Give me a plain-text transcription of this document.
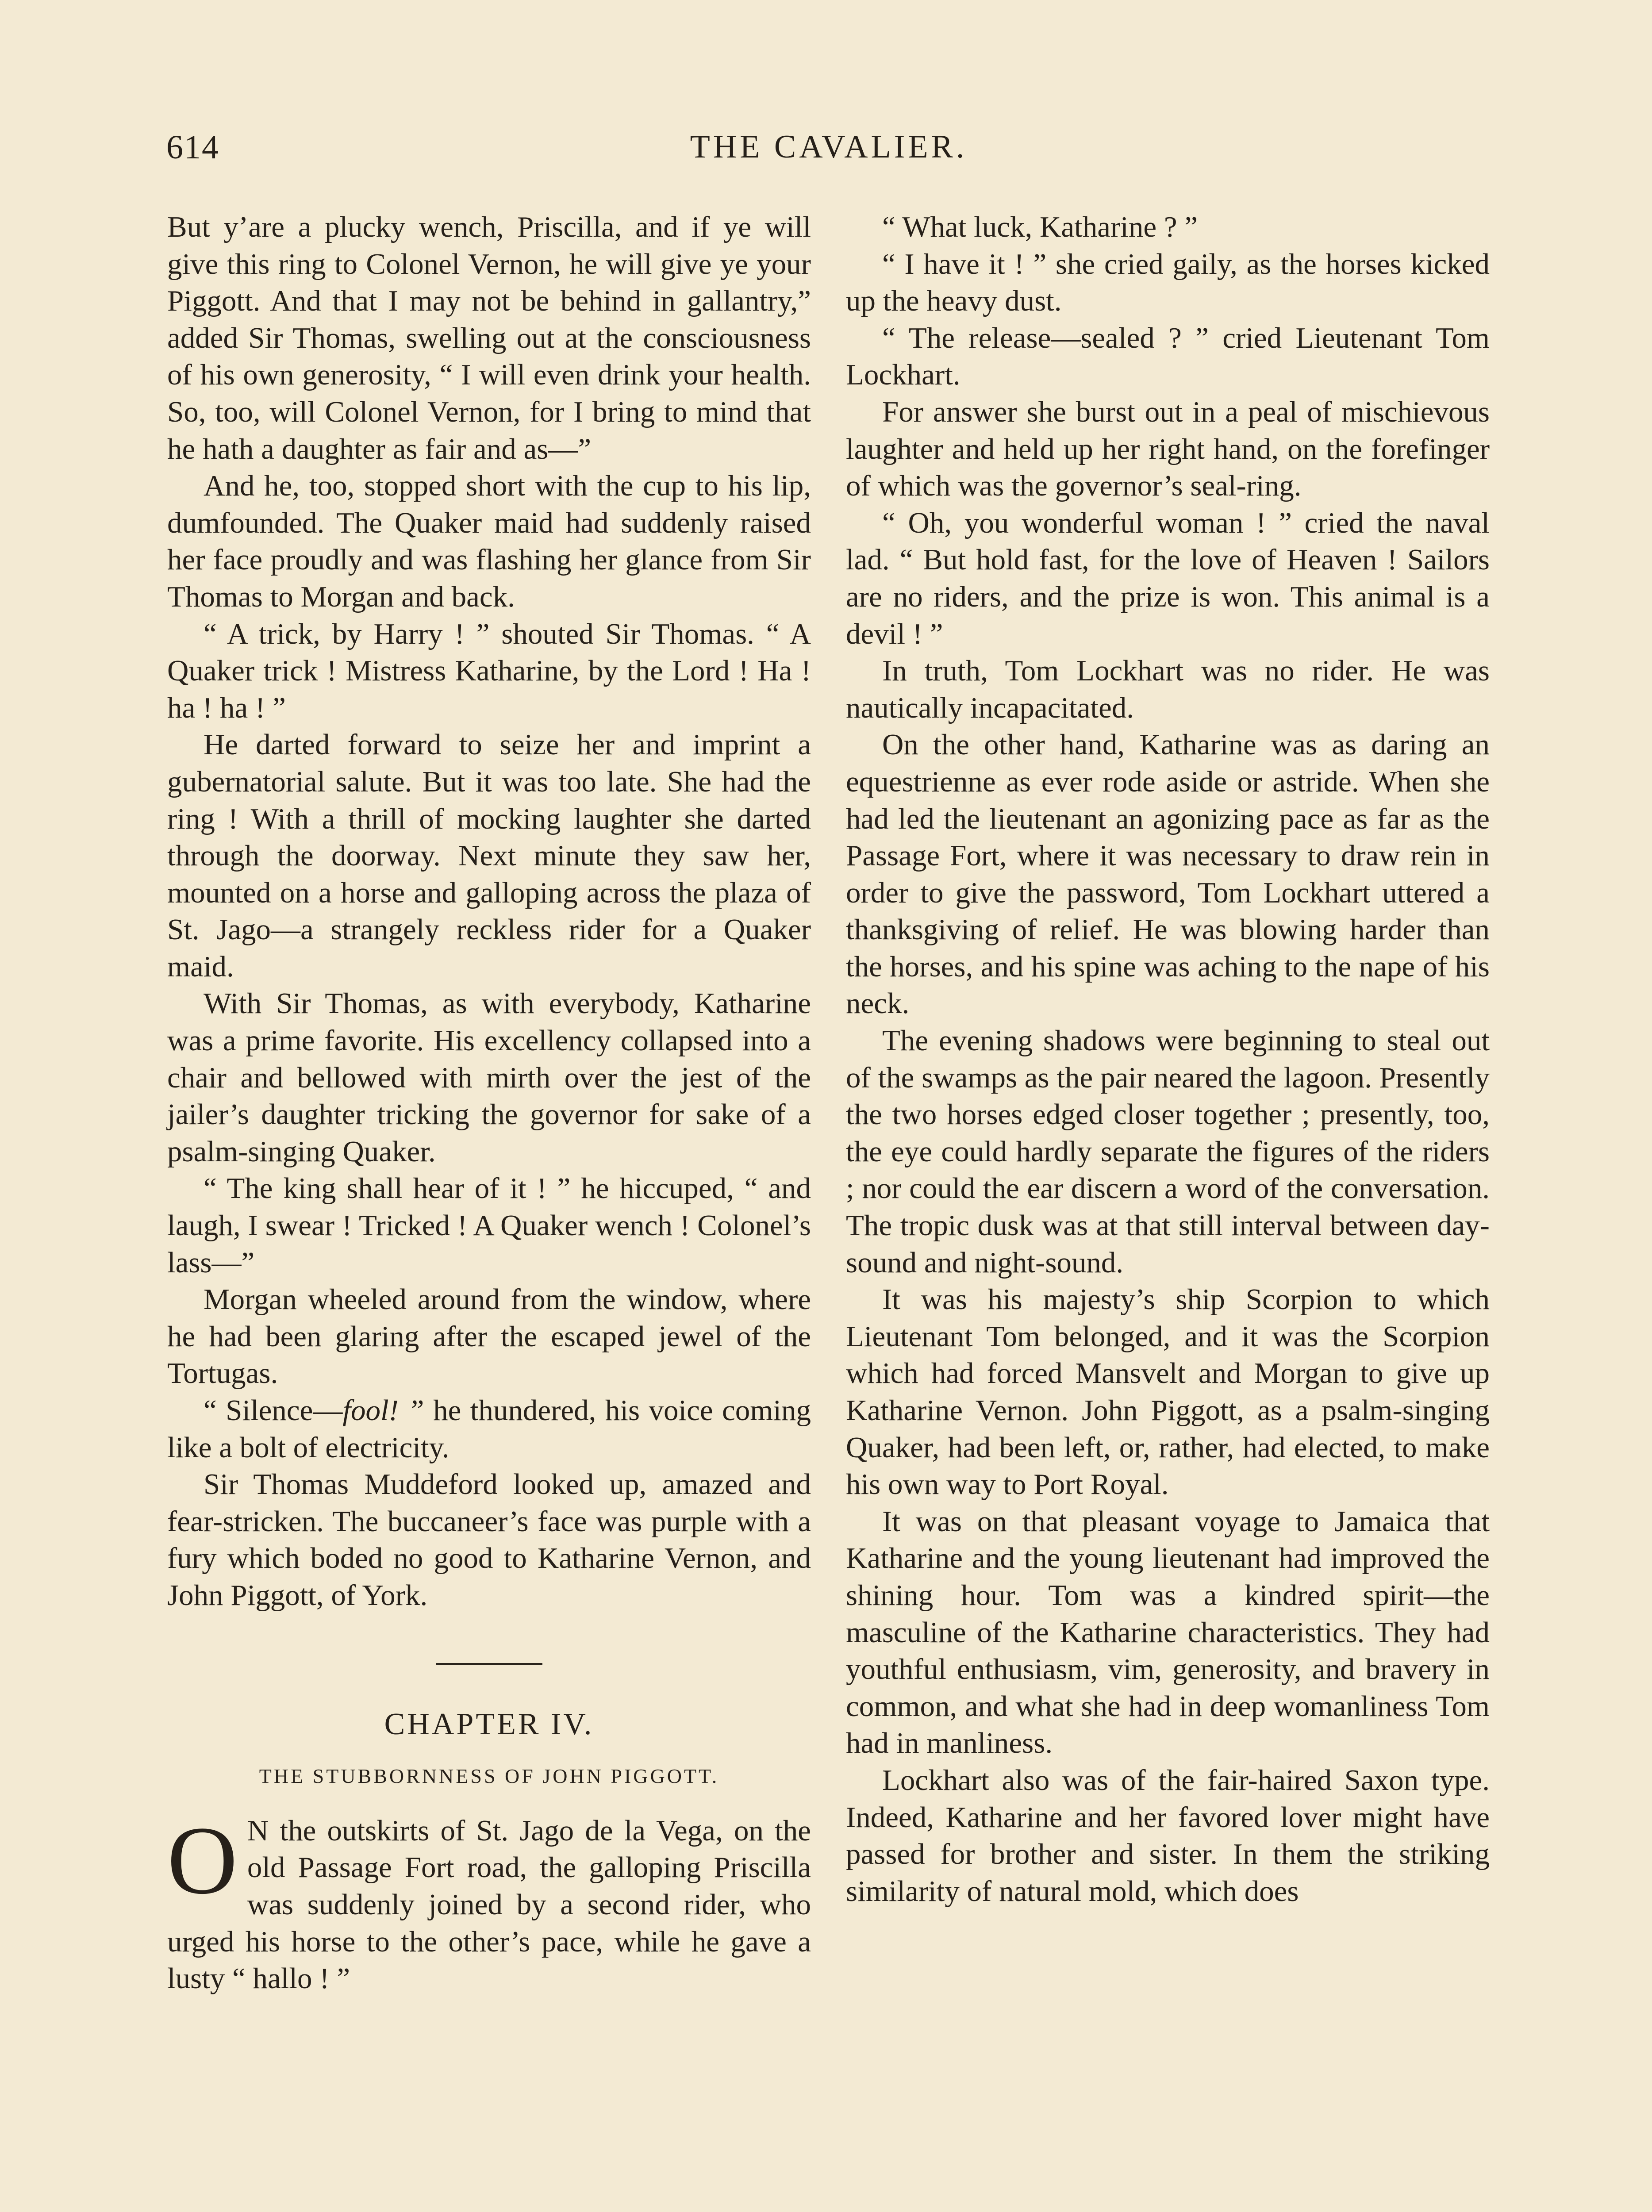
614	THE CAVALIER.

But y’are a plucky wench, Priscilla, and if ye will give this ring to Colonel Vernon, he will give ye your Piggott. And that I may not be behind in gallantry,” added Sir Thomas, swelling out at the consciousness of his own generosity, “ I will even drink your health. So, too, will Colonel Vernon, for I bring to mind that he hath a daughter as fair and as—”

And he, too, stopped short with the cup to his lip, dumfounded. The Quaker maid had suddenly raised her face proudly and was flashing her glance from Sir Thomas to Morgan and back.

“ A trick, by Harry ! ” shouted Sir Thomas. “ A Quaker trick ! Mistress Katharine, by the Lord ! Ha ! ha ! ha ! ”

He darted forward to seize her and imprint a gubernatorial salute. But it was too late. She had the ring ! With a thrill of mocking laughter she darted through the doorway. Next minute they saw her, mounted on a horse and galloping across the plaza of St. Jago—a strangely reckless rider for a Quaker maid.

With Sir Thomas, as with everybody, Katharine was a prime favorite. His excellency collapsed into a chair and bellowed with mirth over the jest of the jailer’s daughter tricking the governor for sake of a psalm-singing Quaker.

“ The king shall hear of it ! ” he hiccuped, “ and laugh, I swear ! Tricked ! A Quaker wench ! Colonel’s lass—”

Morgan wheeled around from the window, where he had been glaring after the escaped jewel of the Tortugas.

“ Silence—fool! ” he thundered, his voice coming like a bolt of electricity.

Sir Thomas Muddeford looked up, amazed and fear-stricken. The buccaneer’s face was purple with a fury which boded no good to Katharine Vernon, and John Piggott, of York.

CHAPTER IV.
THE STUBBORNNESS OF JOHN PIGGOTT.

O N the outskirts of St. Jago de la Vega, on the old Passage Fort road, the galloping Priscilla was suddenly joined by a second rider, who urged his horse to the other’s pace, while he gave a lusty “ hallo ! ”

“ What luck, Katharine ? ”

“ I have it ! ” she cried gaily, as the horses kicked up the heavy dust.

“ The release—sealed ? ” cried Lieutenant Tom Lockhart.

For answer she burst out in a peal of mischievous laughter and held up her right hand, on the forefinger of which was the governor’s seal-ring.

“ Oh, you wonderful woman ! ” cried the naval lad. “ But hold fast, for the love of Heaven ! Sailors are no riders, and the prize is won. This animal is a devil ! ”

In truth, Tom Lockhart was no rider. He was nautically incapacitated.

On the other hand, Katharine was as daring an equestrienne as ever rode aside or astride. When she had led the lieutenant an agonizing pace as far as the Passage Fort, where it was necessary to draw rein in order to give the password, Tom Lockhart uttered a thanksgiving of relief. He was blowing harder than the horses, and his spine was aching to the nape of his neck.

The evening shadows were beginning to steal out of the swamps as the pair neared the lagoon. Presently the two horses edged closer together ; presently, too, the eye could hardly separate the figures of the riders ; nor could the ear discern a word of the conversation. The tropic dusk was at that still interval between day-sound and night-sound.

It was his majesty’s ship Scorpion to which Lieutenant Tom belonged, and it was the Scorpion which had forced Mansvelt and Morgan to give up Katharine Vernon. John Piggott, as a psalm-singing Quaker, had been left, or, rather, had elected, to make his own way to Port Royal.

It was on that pleasant voyage to Jamaica that Katharine and the young lieutenant had improved the shining hour. Tom was a kindred spirit—the masculine of the Katharine characteristics. They had youthful enthusiasm, vim, generosity, and bravery in common, and what she had in deep womanliness Tom had in manliness.

Lockhart also was of the fair-haired Saxon type. Indeed, Katharine and her favored lover might have passed for brother and sister. In them the striking similarity of natural mold, which does
